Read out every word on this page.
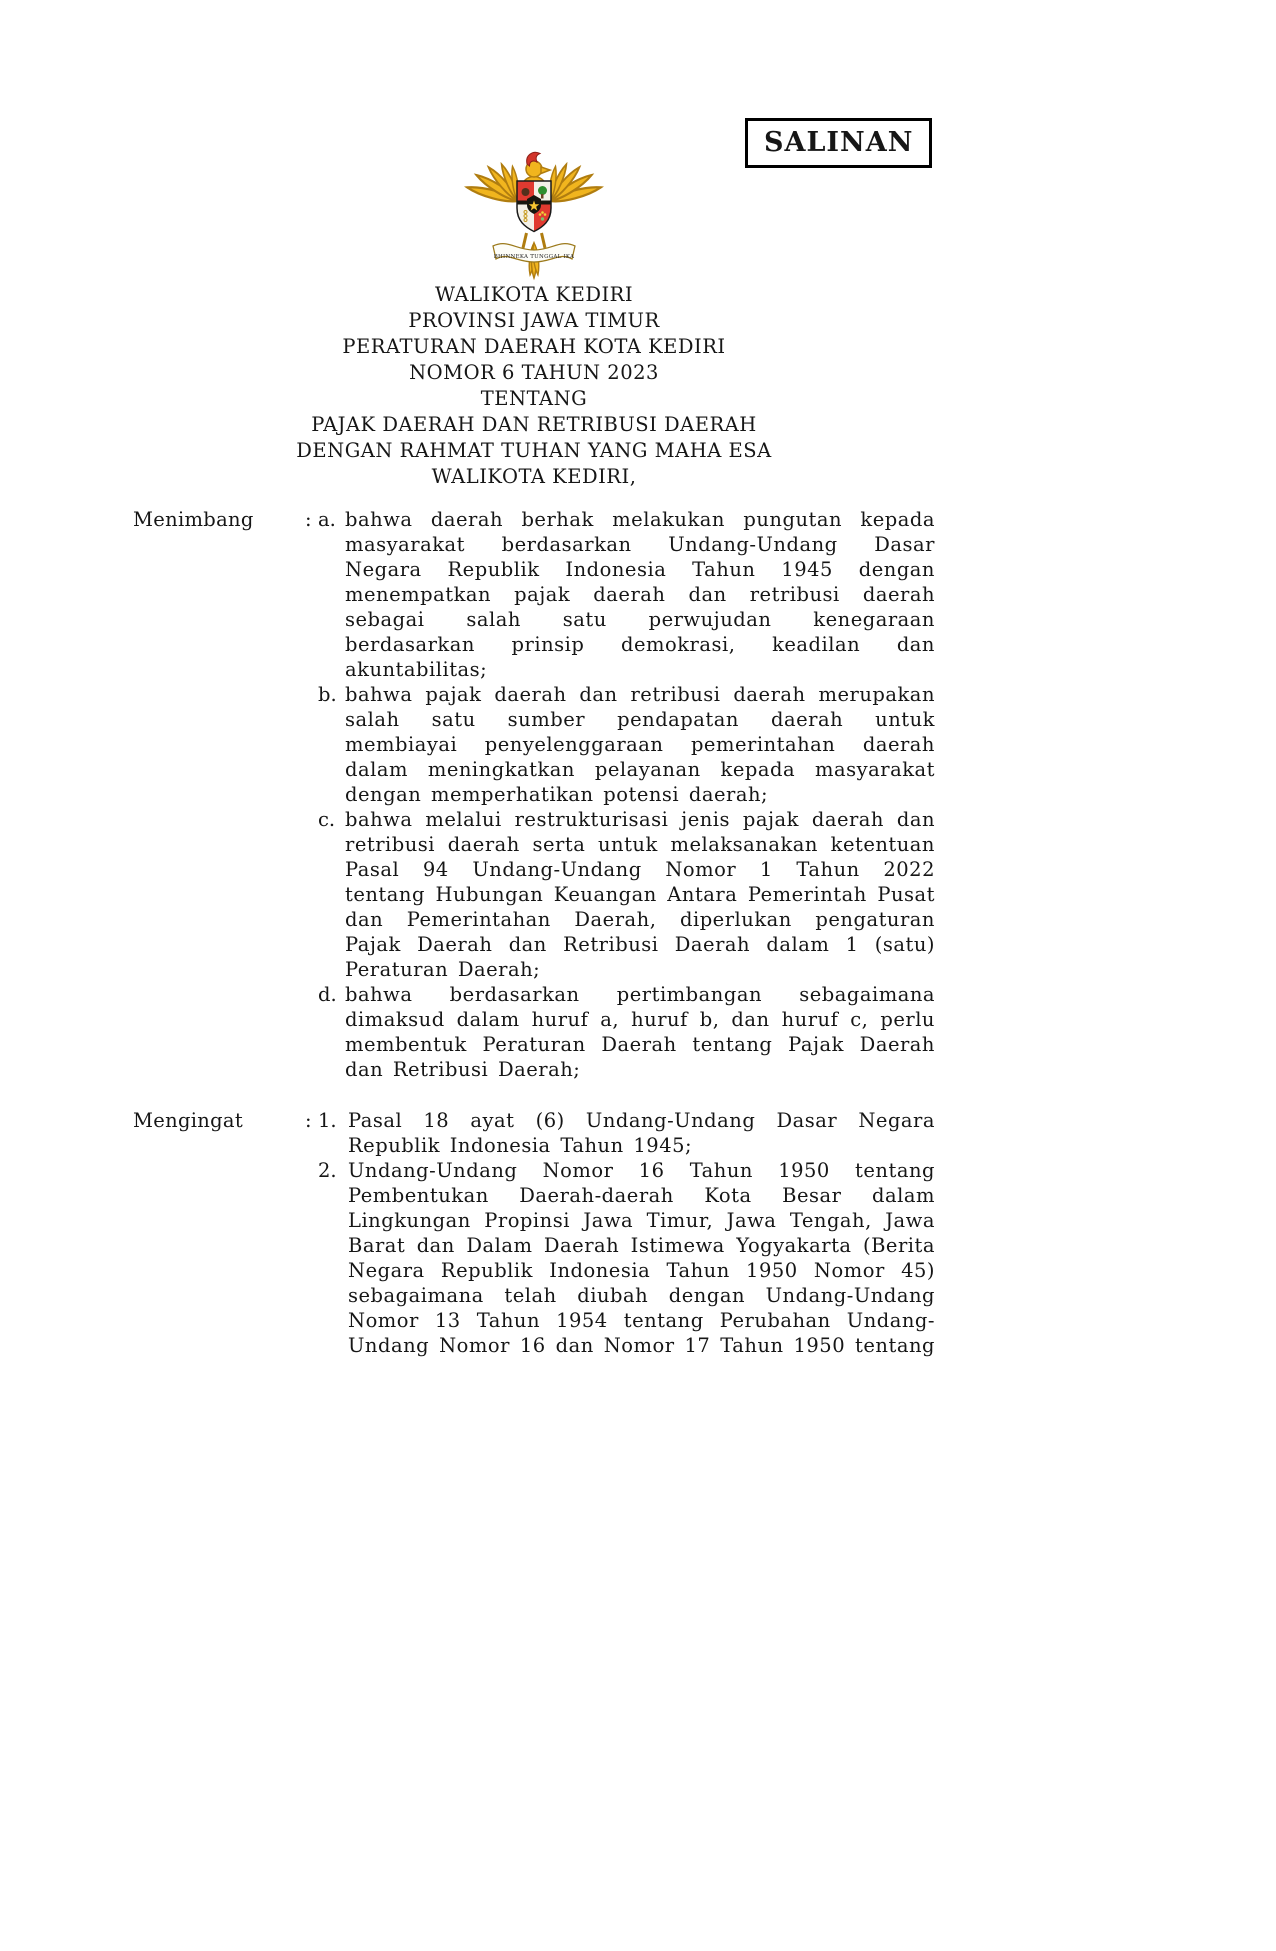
SALINAN
BHINNEKA TUNGGAL IKA

WALIKOTA KEDIRI

PROVINSI JAWA TIMUR

PERATURAN DAERAH KOTA KEDIRI

NOMOR 6 TAHUN 2023

TENTANG

PAJAK DAERAH DAN RETRIBUSI DAERAH

DENGAN RAHMAT TUHAN YANG MAHA ESA

WALIKOTA KEDIRI,

Menimbang	: a. bahwa daerah berhak melakukan pungutan kepada masyarakat berdasarkan Undang-Undang Dasar Negara Republik Indonesia Tahun 1945 dengan menempatkan pajak daerah dan retribusi daerah sebagai salah satu perwujudan kenegaraan berdasarkan prinsip demokrasi, keadilan dan akuntabilitas;
b. bahwa pajak daerah dan retribusi daerah merupakan salah satu sumber pendapatan daerah untuk membiayai penyelenggaraan pemerintahan daerah dalam meningkatkan pelayanan kepada masyarakat dengan memperhatikan potensi daerah;
c. bahwa melalui restrukturisasi jenis pajak daerah dan retribusi daerah serta untuk melaksanakan ketentuan Pasal 94 Undang-Undang Nomor 1 Tahun 2022 tentang Hubungan Keuangan Antara Pemerintah Pusat dan Pemerintahan Daerah, diperlukan pengaturan Pajak Daerah dan Retribusi Daerah dalam 1 (satu) Peraturan Daerah;
d. bahwa berdasarkan pertimbangan sebagaimana dimaksud dalam huruf a, huruf b, dan huruf c, perlu membentuk Peraturan Daerah tentang Pajak Daerah dan Retribusi Daerah;
Mengingat	: 1. Pasal 18 ayat (6) Undang-Undang Dasar Negara Republik Indonesia Tahun 1945;
2. Undang-Undang Nomor 16 Tahun 1950 tentang Pembentukan Daerah-daerah Kota Besar dalam Lingkungan Propinsi Jawa Timur, Jawa Tengah, Jawa Barat dan Dalam Daerah Istimewa Yogyakarta (Berita Negara Republik Indonesia Tahun 1950 Nomor 45) sebagaimana telah diubah dengan Undang-Undang Nomor 13 Tahun 1954 tentang Perubahan Undang-Undang Nomor 16 dan Nomor 17 Tahun 1950 tentang
